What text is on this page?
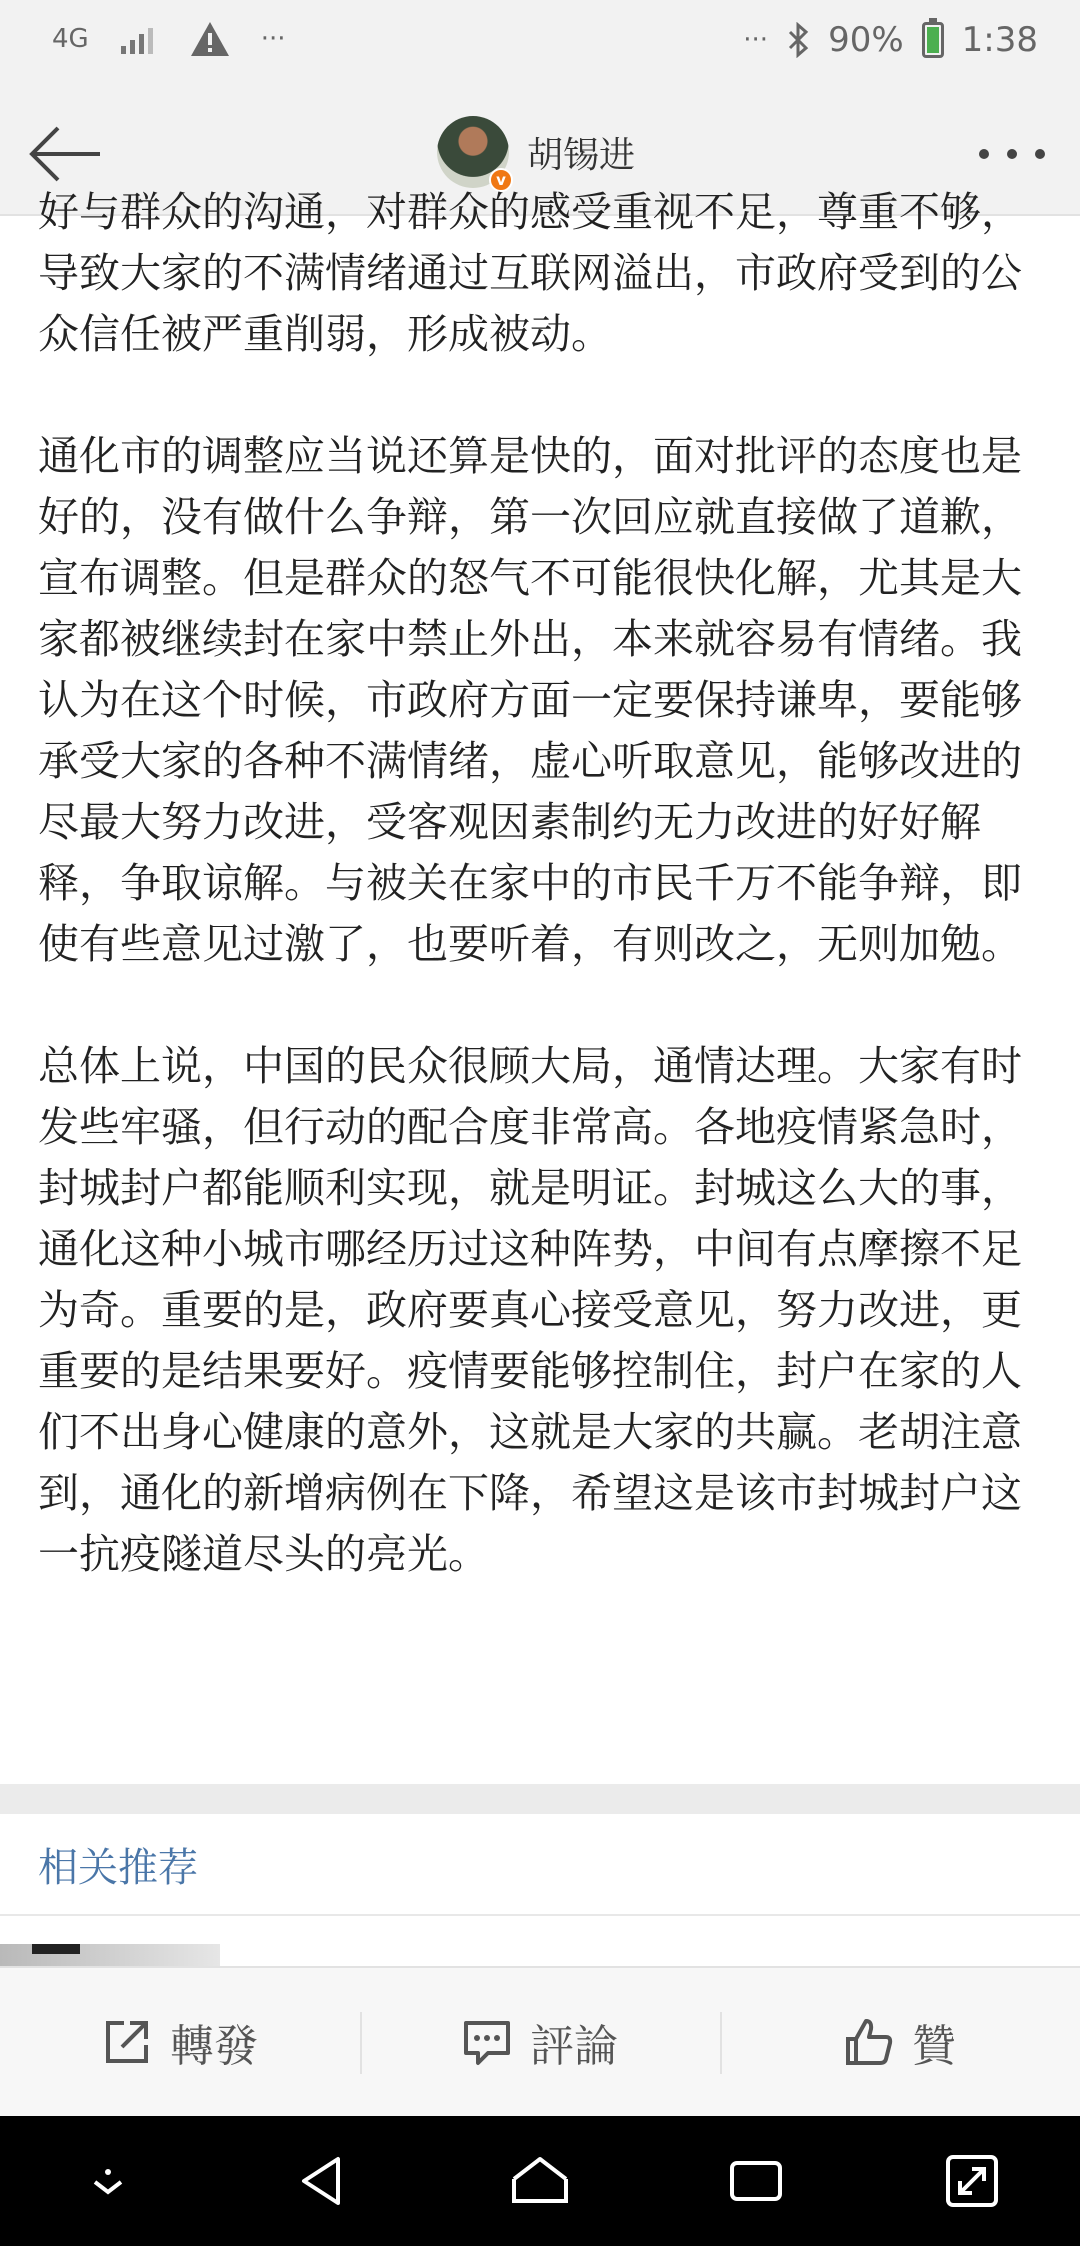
4G	···	··· 90% 1:38
v
胡锡进

好与群众的沟通，对群众的感受重视不足，尊重不够，导致大家的不满情绪通过互联网溢出，市政府受到的公众信任被严重削弱，形成被动。

通化市的调整应当说还算是快的，面对批评的态度也是好的，没有做什么争辩，第一次回应就直接做了道歉，宣布调整。但是群众的怒气不可能很快化解，尤其是大家都被继续封在家中禁止外出，本来就容易有情绪。我认为在这个时候，市政府方面一定要保持谦卑，要能够承受大家的各种不满情绪，虚心听取意见，能够改进的尽最大努力改进，受客观因素制约无力改进的好好解释，争取谅解。与被关在家中的市民千万不能争辩，即使有些意见过激了，也要听着，有则改之，无则加勉。

总体上说，中国的民众很顾大局，通情达理。大家有时发些牢骚，但行动的配合度非常高。各地疫情紧急时，封城封户都能顺利实现，就是明证。封城这么大的事，通化这种小城市哪经历过这种阵势，中间有点摩擦不足为奇。重要的是，政府要真心接受意见，努力改进，更重要的是结果要好。疫情要能够控制住，封户在家的人们不出身心健康的意外，这就是大家的共赢。老胡注意到，通化的新增病例在下降，希望这是该市封城封户这一抗疫隧道尽头的亮光。

相关推荐
轉發	評論	贊
